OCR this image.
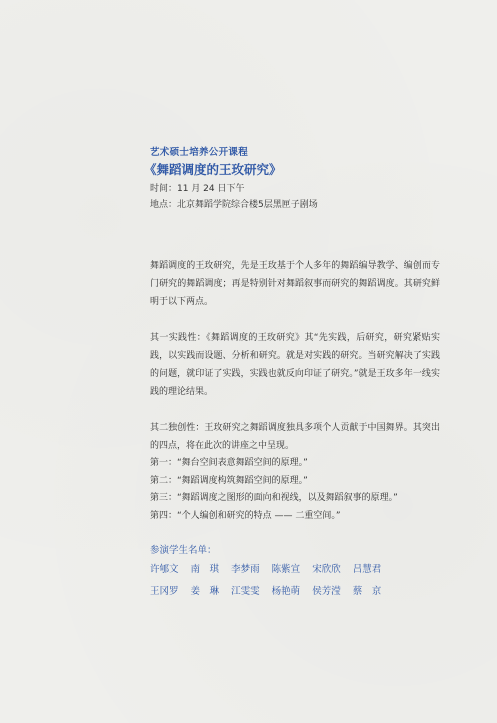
艺术硕士培养公开课程
《舞蹈调度的王玫研究》
时间：11 月 24 日下午
地点：北京舞蹈学院综合楼5层黑匣子剧场
舞蹈调度的王玫研究，先是王玫基于个人多年的舞蹈编导教学、编创而专门研究的舞蹈调度；再是特别针对舞蹈叙事而研究的舞蹈调度。其研究鲜明于以下两点。
其一实践性：《舞蹈调度的王玫研究》其“先实践，后研究，研究紧贴实践，以实践而设题、分析和研究。就是对实践的研究。当研究解决了实践的问题，就印证了实践，实践也就反向印证了研究。”就是王玫多年一线实践的理论结果。
其二独创性：王玫研究之舞蹈调度独具多项个人贡献于中国舞界。其突出的四点，将在此次的讲座之中呈现。
第一：“舞台空间表意舞蹈空间的原理。”
第二：“舞蹈调度构筑舞蹈空间的原理。”
第三：“舞蹈调度之图形的面向和视线，以及舞蹈叙事的原理。”
第四：“个人编创和研究的特点 —— 二重空间。”
参演学生名单：
许郇文 南　琪 李梦雨 陈紫宣 宋欣欣 吕慧君
王冈罗 姜　琳 江雯雯 杨艳萌 侯芳滢 蔡　京
